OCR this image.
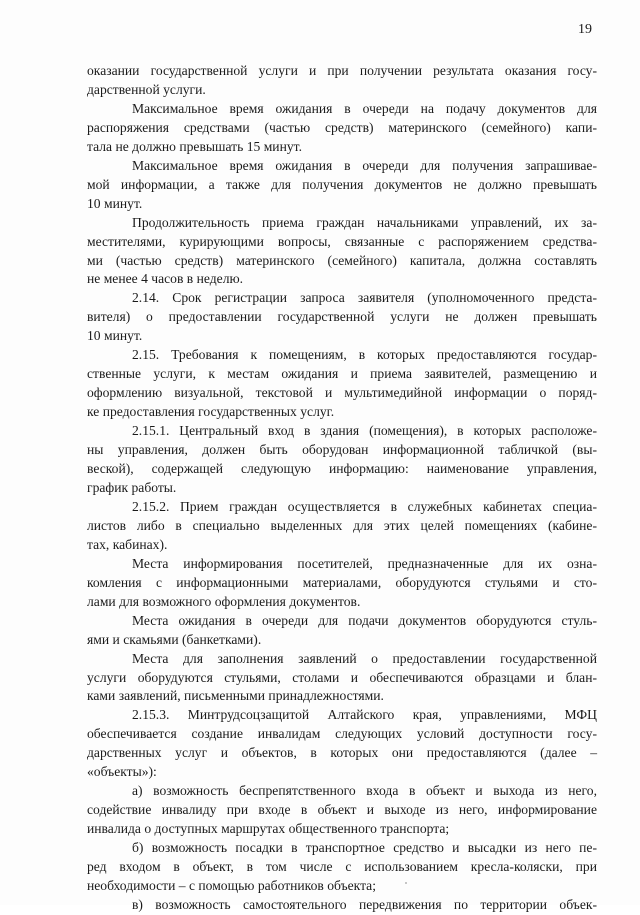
19
оказании государственной услуги и при получении результата оказания госу-
дарственной услуги.
Максимальное время ожидания в очереди на подачу документов для
распоряжения средствами (частью средств) материнского (семейного) капи-
тала не должно превышать 15 минут.
Максимальное время ожидания в очереди для получения запрашивае-
мой информации, а также для получения документов не должно превышать
10 минут.
Продолжительность приема граждан начальниками управлений, их за-
местителями, курирующими вопросы, связанные с распоряжением средства-
ми (частью средств) материнского (семейного) капитала, должна составлять
не менее 4 часов в неделю.
2.14. Срок регистрации запроса заявителя (уполномоченного предста-
вителя) о предоставлении государственной услуги не должен превышать
10 минут.
2.15. Требования к помещениям, в которых предоставляются государ-
ственные услуги, к местам ожидания и приема заявителей, размещению и
оформлению визуальной, текстовой и мультимедийной информации о поряд-
ке предоставления государственных услуг.
2.15.1. Центральный вход в здания (помещения), в которых расположе-
ны управления, должен быть оборудован информационной табличкой (вы-
веской), содержащей следующую информацию: наименование управления,
график работы.
2.15.2. Прием граждан осуществляется в служебных кабинетах специа-
листов либо в специально выделенных для этих целей помещениях (кабине-
тах, кабинах).
Места информирования посетителей, предназначенные для их озна-
комления с информационными материалами, оборудуются стульями и сто-
лами для возможного оформления документов.
Места ожидания в очереди для подачи документов оборудуются стуль-
ями и скамьями (банкетками).
Места для заполнения заявлений о предоставлении государственной
услуги оборудуются стульями, столами и обеспечиваются образцами и блан-
ками заявлений, письменными принадлежностями.
2.15.3. Минтрудсоцзащитой Алтайского края, управлениями, МФЦ
обеспечивается создание инвалидам следующих условий доступности госу-
дарственных услуг и объектов, в которых они предоставляются (далее –
«объекты»):
а) возможность беспрепятственного входа в объект и выхода из него,
содействие инвалиду при входе в объект и выходе из него, информирование
инвалида о доступных маршрутах общественного транспорта;
б) возможность посадки в транспортное средство и высадки из него пе-
ред входом в объект, в том числе с использованием кресла-коляски, при
необходимости – с помощью работников объекта;
в) возможность самостоятельного передвижения по территории объек-
